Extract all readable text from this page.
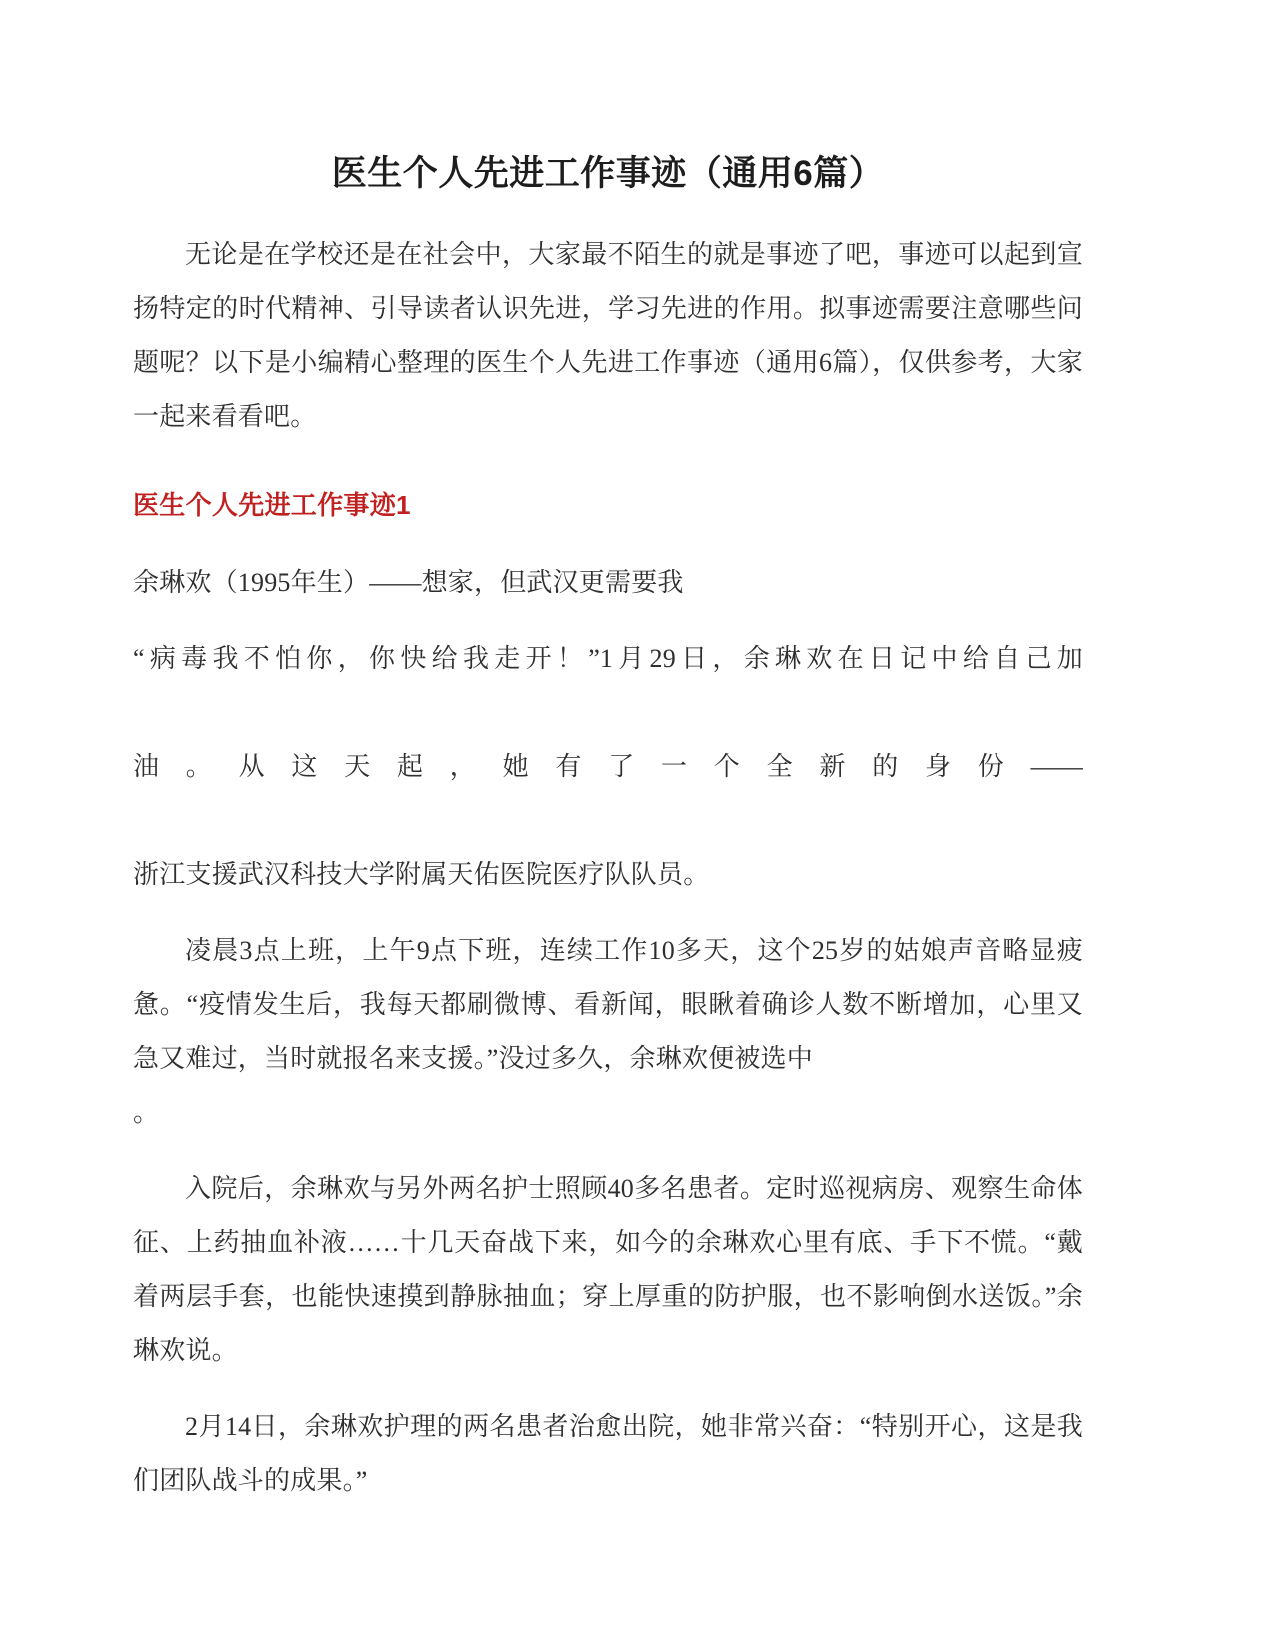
医生个人先进工作事迹（通用6篇）

无论是在学校还是在社会中，大家最不陌生的就是事迹了吧，事迹可以起到宣扬特定的时代精神、引导读者认识先进，学习先进的作用。拟事迹需要注意哪些问题呢？以下是小编精心整理的医生个人先进工作事迹（通用6篇），仅供参考，大家一起来看看吧。

医生个人先进工作事迹1

余琳欢（1995年生）——想家，但武汉更需要我

“病毒我不怕你，你快给我走开！”1月29日，余琳欢在日记中给自己加
油。从这天起，她有了一个全新的身份——
浙江支援武汉科技大学附属天佑医院医疗队队员。

凌晨3点上班，上午9点下班，连续工作10多天，这个25岁的姑娘声音略显疲惫。“疫情发生后，我每天都刷微博、看新闻，眼瞅着确诊人数不断增加，心里又急又难过，当时就报名来支援。”没过多久，余琳欢便被选中

。

入院后，余琳欢与另外两名护士照顾40多名患者。定时巡视病房、观察生命体征、上药抽血补液……十几天奋战下来，如今的余琳欢心里有底、手下不慌。“戴着两层手套，也能快速摸到静脉抽血；穿上厚重的防护服，也不影响倒水送饭。”余琳欢说。

2月14日，余琳欢护理的两名患者治愈出院，她非常兴奋：“特别开心，这是我们团队战斗的成果。”
